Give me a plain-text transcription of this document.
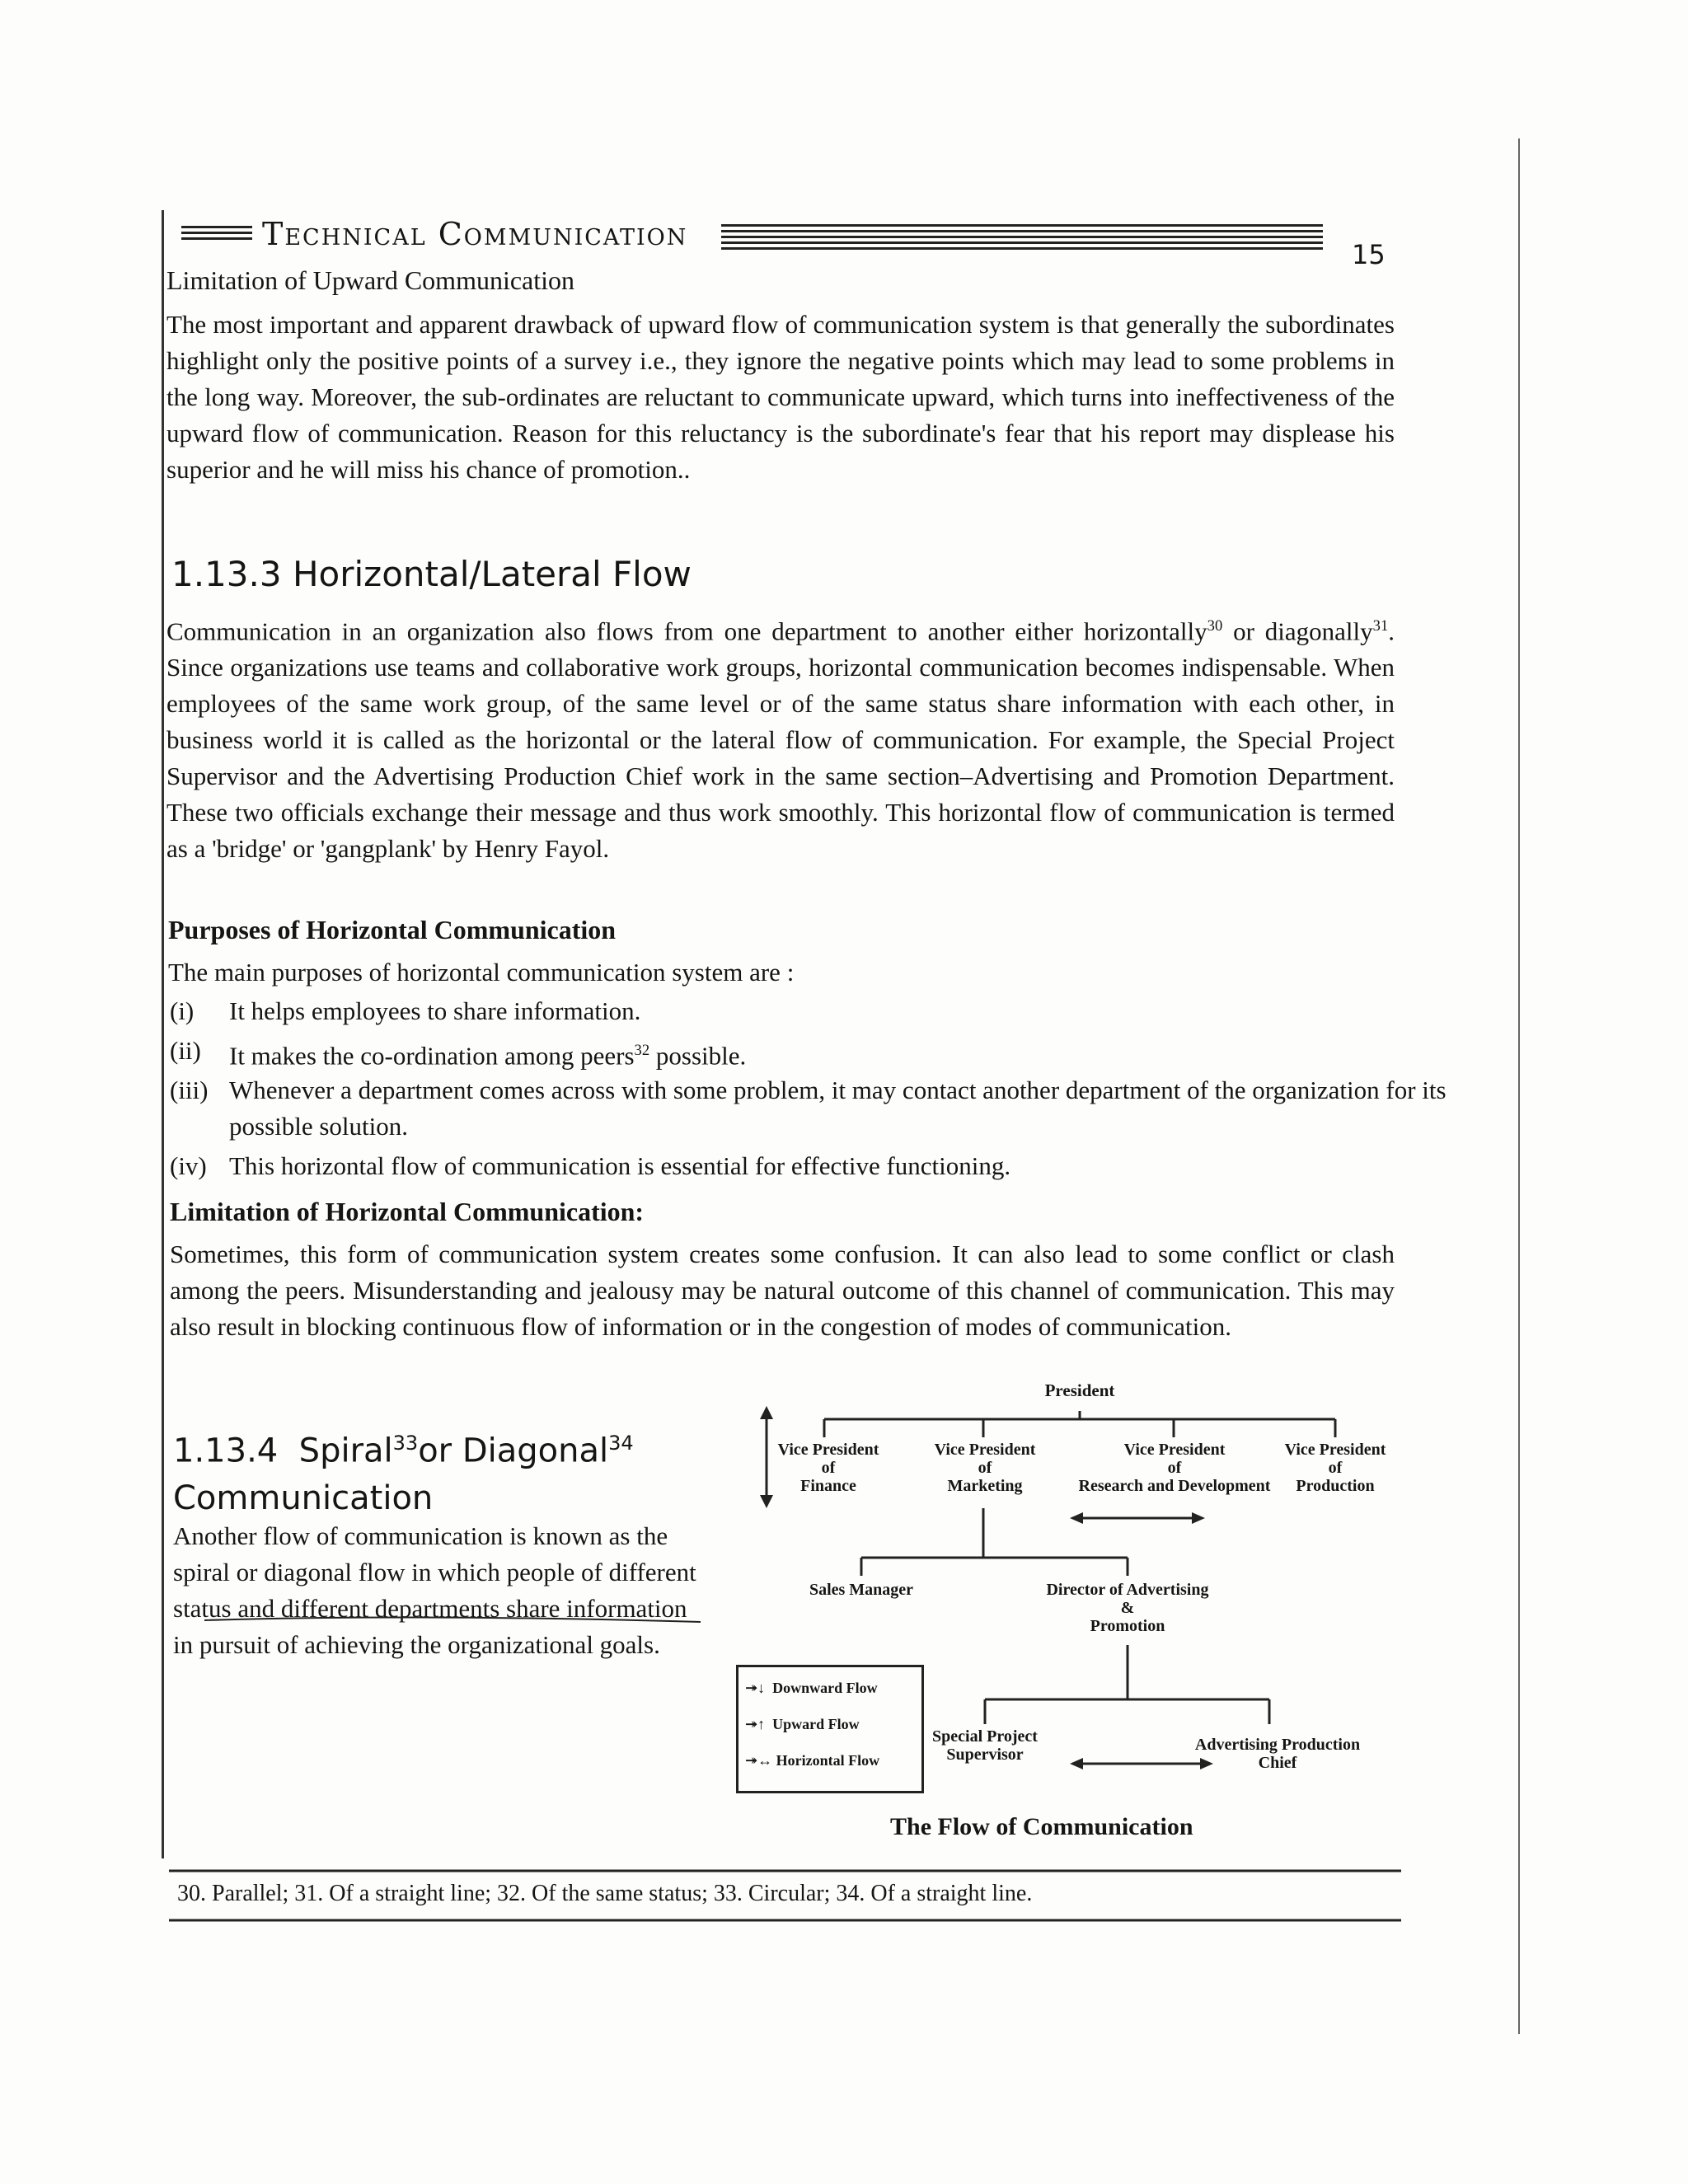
Technical Communication
15
Limitation of Upward Communication
The most important and apparent drawback of upward flow of communication system is that generally the subordinates highlight only the positive points of a survey i.e., they ignore the negative points which may lead to some problems in the long way. Moreover, the sub-ordinates are reluctant to communicate upward, which turns into ineffectiveness of the upward flow of communication. Reason for this reluctancy is the subordinate's fear that his report may displease his superior and he will miss his chance of promotion..
1.13.3 Horizontal/Lateral Flow
Communication in an organization also flows from one department to another either horizontally$^{30}$ or diagonally$^{31}$. Since organizations use teams and collaborative work groups, horizontal communication becomes indispensable. When employees of the same work group, of the same level or of the same status share information with each other, in business world it is called as the horizontal or the lateral flow of communication. For example, the Special Project Supervisor and the Advertising Production Chief work in the same section–Advertising and Promotion Department. These two officials exchange their message and thus work smoothly. This horizontal flow of communication is termed as a 'bridge' or 'gangplank' by Henry Fayol.
Purposes of Horizontal Communication
The main purposes of horizontal communication system are :
(i) It helps employees to share information.
(ii) It makes the co-ordination among peers$^{32}$ possible.
(iii) Whenever a department comes across with some problem, it may contact another department of the organization for its possible solution.
(iv) This horizontal flow of communication is essential for effective functioning.
Limitation of Horizontal Communication:
Sometimes, this form of communication system creates some confusion. It can also lead to some conflict or clash among the peers. Misunderstanding and jealousy may be natural outcome of this channel of communication. This may also result in blocking continuous flow of information or in the congestion of modes of communication.
1.13.4 Spiral$^{33}$or Diagonal$^{34}$
Communication
Another flow of communication is known as the spiral or diagonal flow in which people of different status and different departments share information in pursuit of achieving the organizational goals.
President
Vice President
of
Finance
Vice President
of
Marketing
Vice President
of
Research and Development
Vice President
of
Production
Sales Manager	Director of Advertising
&
Promotion
Special Project
Supervisor
Advertising Production
Chief
↠↓ Downward Flow
↠↑ Upward Flow
↠↔ Horizontal Flow
The Flow of Communication
30. Parallel; 31. Of a straight line; 32. Of the same status; 33. Circular; 34. Of a straight line.
